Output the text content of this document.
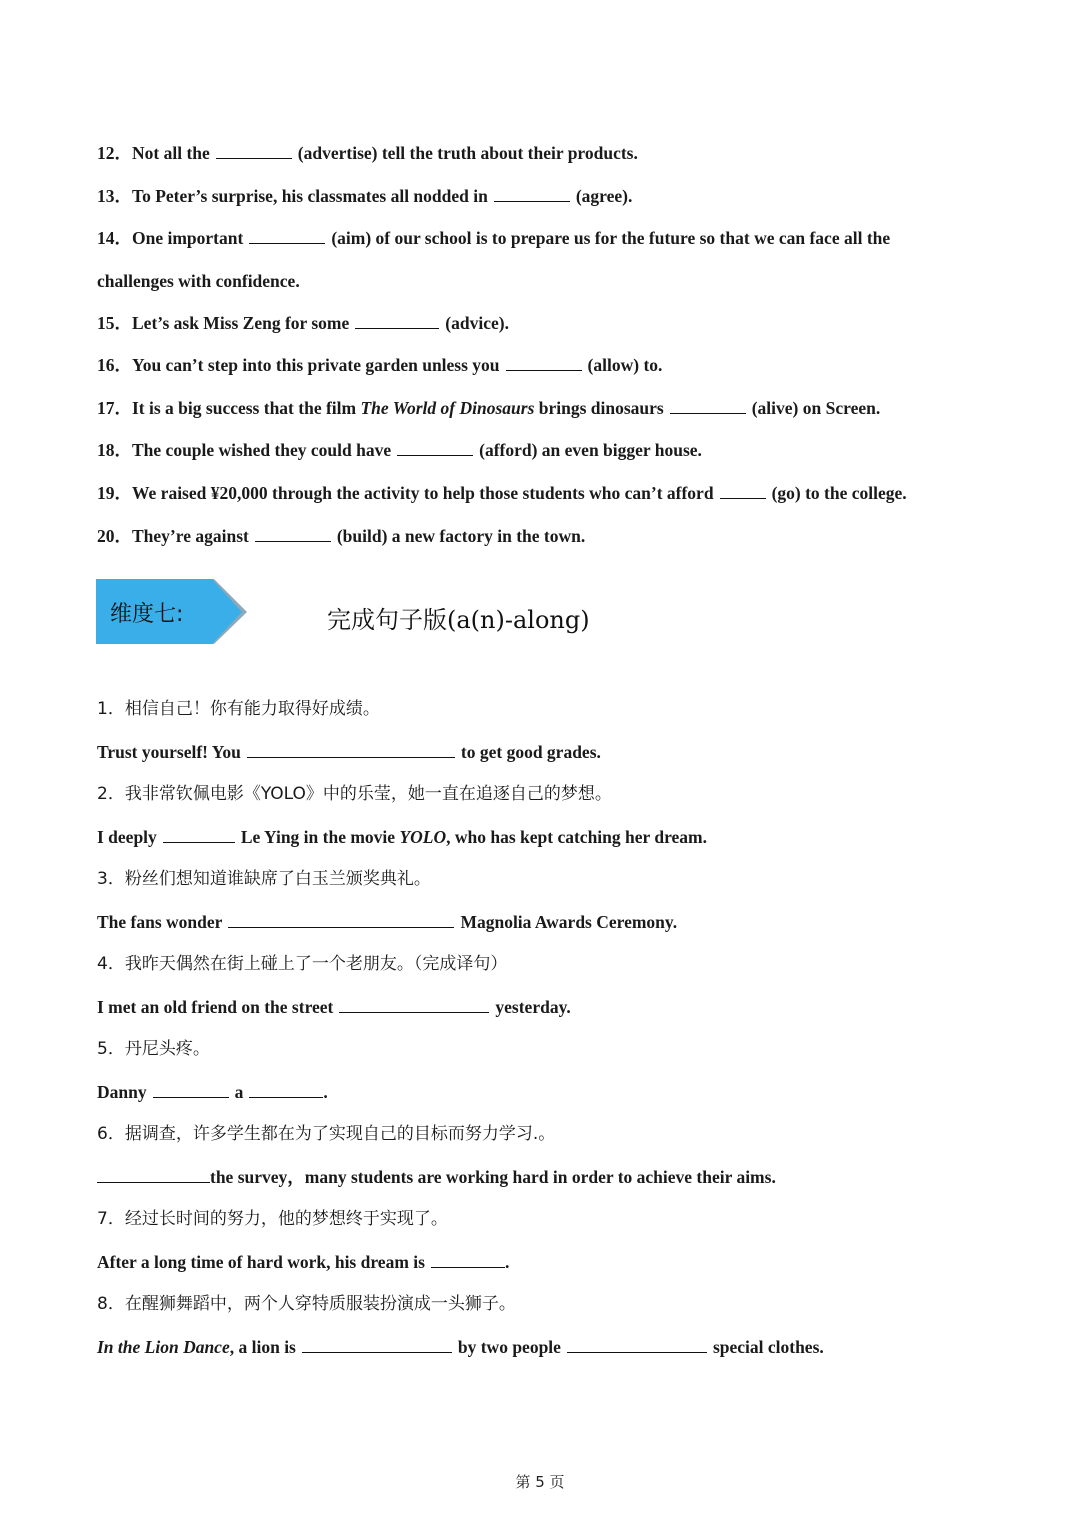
12．Not all the	(advertise) tell the truth about their products.
13．To Peter’s surprise, his classmates all nodded in	(agree).
14．One important	(aim) of our school is to prepare us for the future so that we can face all the
challenges with confidence.
15．Let’s ask Miss Zeng for some	(advice).
16．You can’t step into this private garden unless you	(allow) to.
17．It is a big success that the film The World of Dinosaurs brings dinosaurs	(alive) on Screen.
18．The couple wished they could have	(afford) an even bigger house.
19．We raised ¥20,000 through the activity to help those students who can’t afford	(go) to the college.
20．They’re against	(build) a new factory in the town.
维度七:	完成句子版(a(n)-along)
1．相信自己！你有能力取得好成绩。
Trust yourself! You	to get good grades.
2．我非常钦佩电影《YOLO》中的乐莹，她一直在追逐自己的梦想。
I deeply	Le Ying in the movie YOLO, who has kept catching her dream.
3．粉丝们想知道谁缺席了白玉兰颁奖典礼。
The fans wonder	Magnolia Awards Ceremony.
4．我昨天偶然在街上碰上了一个老朋友。（完成译句）
I met an old friend on the street	yesterday.
5．丹尼头疼。
Danny	a	.
6．据调查，许多学生都在为了实现自己的目标而努力学习.。
the survey，many students are working hard in order to achieve their aims.
7．经过长时间的努力，他的梦想终于实现了。
After a long time of hard work, his dream is	.
8．在醒狮舞蹈中，两个人穿特质服装扮演成一头狮子。
In the Lion Dance, a lion is	by two people	special clothes.
第 5 页
